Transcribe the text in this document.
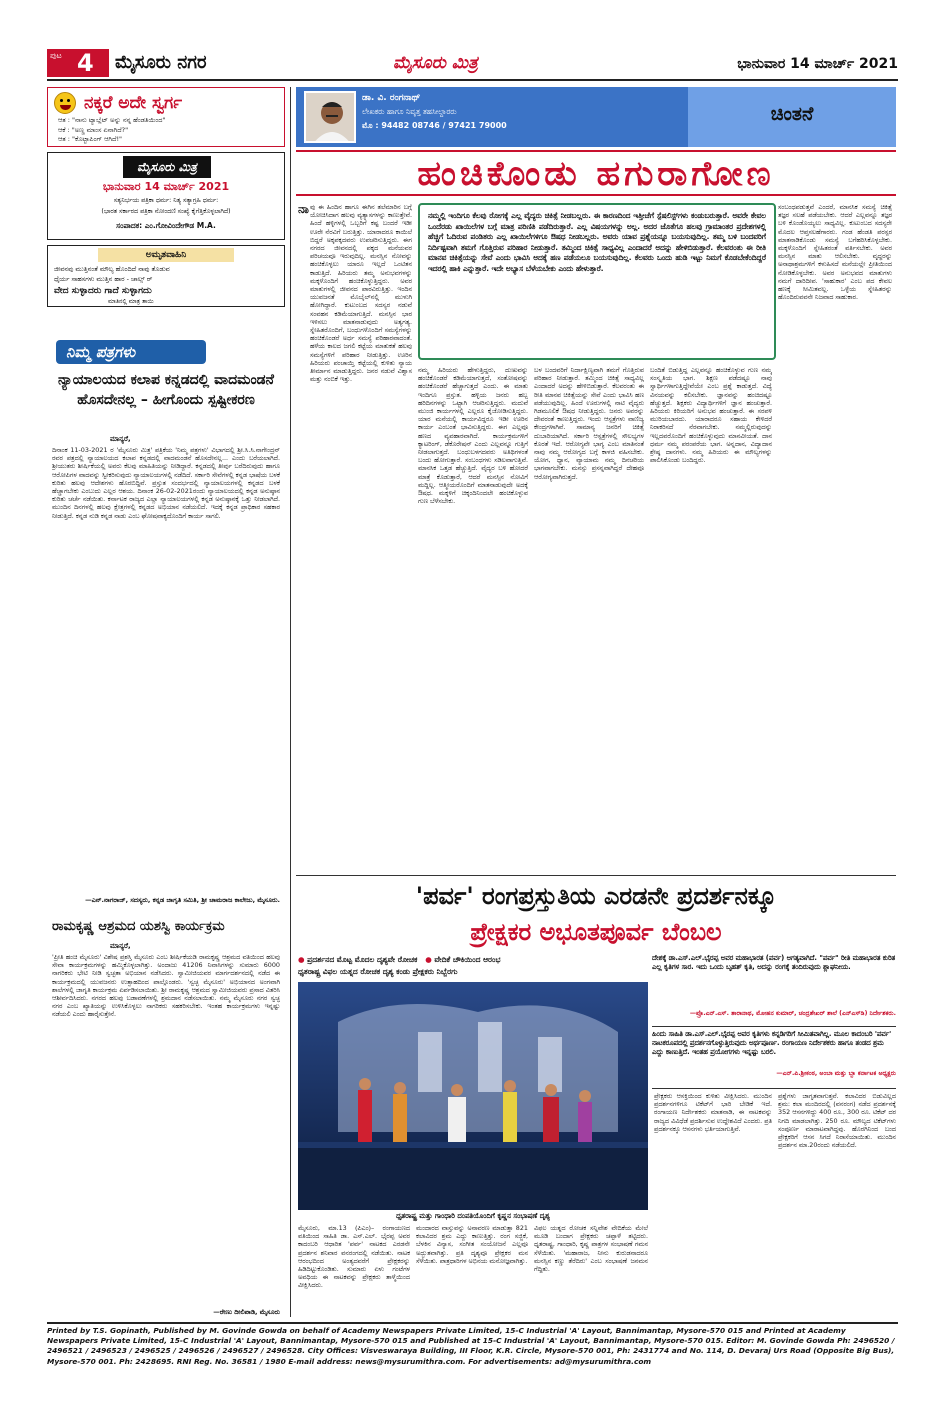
ಪುಟ 4 ಮೈಸೂರು ನಗರ	ಮೈಸೂರು ಮಿತ್ರ	ಭಾನುವಾರ 14 ಮಾರ್ಚ್ 2021
ನಕ್ಕರೆ ಅದೇ ಸ್ವರ್ಗ
ಆತ : "ನಾನು ಟ್ಯಾಬ್ಲೆಟ್ ಅನ್ನು ನನ್ನ ಹೆಂಡತಿಯಿಂದ"
ಆಕೆ : "ಅಣ್ಣ ಮಾಂಸ ಏನಾಗಿದೆ?"
ಆತ : "ಕೊಟ್ಟಾಪಿಂಗ್ ಆಗಿದೆ!"
ಮೈಸೂರು ಮಿತ್ರ
ಭಾನುವಾರ 14 ಮಾರ್ಚ್ 2021
ಸತ್ಯನಿರ್ಭಯ ಪತ್ರಿಕಾ ಧರ್ಮ: ನಿತ್ಯ ಸತ್ಯಾಗ್ರಹಿ ಧರ್ಮ:
(ಭಾರತ ಸರ್ಕಾರದ ಪತ್ರಿಕಾ ನೋಂದಣಿ ಸಂಖ್ಯೆ ಕೈಗೆತ್ತಿಕೊಳ್ಳಲಾಗಿದೆ)
ಸಂಪಾದಕ: ಎಂ.ಗೋವಿಂದೇಗೌಡ M.A.
ಅಮೃತವಾಹಿನಿ
ಜೀವನವು ಮುತ್ತಿನಂತೆ ಮೌಲ್ಯ ಹೊಂದಿದೆ ನಾವು ತೊಡುವ
ಧೈರ್ಯ ಸಾಹಸಗಳು ಮುತ್ತಿನ ಹಾರ - ಚಾಲ್ಸ್ ರ್
ವೇದ ಸುಳ್ಳಾದರು ಗಾದೆ ಸುಳ್ಳಾಗದು
ಮಾತಿನಲ್ಲಿ ಮಾತ್ರ ತಾಯಿ
ನಿಮ್ಮ ಪತ್ರಗಳು
ನ್ಯಾಯಾಲಯದ ಕಲಾಪ ಕನ್ನಡದಲ್ಲಿ ವಾದಮಂಡನೆ ಹೊಸದೇನಲ್ಲ – ಹೀಗೊಂದು ಸ್ಪಷ್ಟೀಕರಣ
ಮಾನ್ಯರೆ,
ದಿನಾಂಕ 11-03-2021 ರ 'ಮೈಸೂರು ಮಿತ್ರ' ಪತ್ರಿಕೆಯ 'ನಿಮ್ಮ ಪತ್ರಗಳು' ವಿಭಾಗದಲ್ಲಿ ಶ್ರೀ.ಸಿ.ಸಿ.ನಾಗೇಂದ್ರನ್ ರವರ ಪತ್ರದಲ್ಲಿ ನ್ಯಾಯಾಲಯದ ಕಲಾಪ ಕನ್ನಡದಲ್ಲಿ ವಾದಮಂಡನೆ ಹೊಸದೇನಲ್ಲ... ಎಂದು ಬರೆಯಲಾಗಿದೆ. ಶ್ರೀಯುತರು ಶೀರ್ಷಿಕೆಯಲ್ಲಿ ಅವರು ಕೆಲವು ಮಾಹಿತಿಯನ್ನು ನೀಡಿದ್ದಾರೆ. ಕನ್ನಡದಲ್ಲಿ ತೀರ್ಪು ಬರೆದಿರುವುದು ಹಾಗೂ ಆರೋಪಿಗಳ ವಾದವನ್ನು ಸ್ವೀಕರಿಸುವುದು ನ್ಯಾಯಾಲಯಗಳಲ್ಲಿ ನಡೆದಿದೆ. ಸರ್ಕಾರಿ ಸೇವೆಗಳಲ್ಲಿ ಕನ್ನಡ ಭಾಷೆಯ ಬಳಕೆ ಕುರಿತು ಹಲವು ಆದೇಶಗಳು ಹೊರಬಿದ್ದಿವೆ. ಪ್ರಸ್ತುತ ಸಂದರ್ಭದಲ್ಲಿ ನ್ಯಾಯಾಲಯಗಳಲ್ಲಿ ಕನ್ನಡದ ಬಳಕೆ ಹೆಚ್ಚಾಗಬೇಕು ಎಂಬುದು ಎಲ್ಲರ ಆಶಯ. ದಿನಾಂಕ 26-02-2021ರಂದು ನ್ಯಾಯಾಲಯದಲ್ಲಿ ಕನ್ನಡ ಅನುಷ್ಠಾನ ಕುರಿತು ಚರ್ಚೆ ನಡೆಯಿತು. ಕರ್ನಾಟಕ ರಾಜ್ಯದ ಎಲ್ಲಾ ನ್ಯಾಯಾಲಯಗಳಲ್ಲಿ ಕನ್ನಡ ಅನುಷ್ಠಾನಕ್ಕೆ ಒತ್ತು ನೀಡಲಾಗಿದೆ. ಮುಂದಿನ ದಿನಗಳಲ್ಲಿ ಹಲವು ಕ್ಷೇತ್ರಗಳಲ್ಲಿ ಕನ್ನಡದ ಅಭಿಯಾನ ನಡೆಯಲಿದೆ. ಇದಕ್ಕೆ ಕನ್ನಡ ಪ್ರಾಧಿಕಾರ ಸಹಕಾರ ನೀಡುತ್ತಿದೆ. ಕನ್ನಡ ನುಡಿ ಕನ್ನಡ ನಾಡು ಎಂಬ ಘೋಷವಾಕ್ಯದೊಂದಿಗೆ ಕಾರ್ಯ ಸಾಗಲಿ.
—ಎನ್.ನಾಗರಾಜ್, ಸದಸ್ಯರು, ಕನ್ನಡ ಜಾಗೃತಿ ಸಮಿತಿ, ಶ್ರೀ ಚಾಮರಾಜ ಕಾಲೇಜು, ಮೈಸೂರು.
ರಾಮಕೃಷ್ಣ ಆಶ್ರಮದ ಯಶಸ್ವಿ ಕಾರ್ಯಕ್ರಮ
ಮಾನ್ಯರೆ,
'ಪ್ರೀತಿ ಹಂಚಿ ಮೈಸೂರು' ವಿಶೇಷ ಪ್ರಶಸ್ತಿ ಮೈಸೂರು ಎಂಬ ಶೀರ್ಷಿಕೆಯಡಿ ರಾಮಕೃಷ್ಣ ಆಶ್ರಮದ ವತಿಯಿಂದ ಹಲವು ಸೇವಾ ಕಾರ್ಯಕ್ರಮಗಳನ್ನು ಹಮ್ಮಿಕೊಳ್ಳಲಾಗಿತ್ತು. ಅಂದಾಜು 41206 ನಿವಾಸಿಗಳನ್ನು ಸುಮಾರು 6000 ನಾಗರಿಕರು ಭೇಟಿ ನೀಡಿ ಸ್ವಚ್ಛತಾ ಅಭಿಯಾನ ನಡೆಸಿದರು. ಸ್ವಾಮೀಜಿಯವರ ಮಾರ್ಗದರ್ಶನದಲ್ಲಿ ನಡೆದ ಈ ಕಾರ್ಯಕ್ರಮದಲ್ಲಿ ಯುವಜನರು ಉತ್ಸಾಹದಿಂದ ಪಾಲ್ಗೊಂಡರು. 'ಸ್ವಚ್ಛ ಮೈಸೂರು' ಅಭಿಯಾನದ ಅಂಗವಾಗಿ ಶಾಲೆಗಳಲ್ಲಿ ಜಾಗೃತಿ ಕಾರ್ಯಕ್ರಮ ಏರ್ಪಡಿಸಲಾಯಿತು. ಶ್ರೀ ರಾಮಕೃಷ್ಣ ಆಶ್ರಮದ ಸ್ವಾಮೀಜಿಯವರು ಪ್ರಸಾದ ವಿತರಿಸಿ ಆಶೀರ್ವದಿಸಿದರು. ನಗರದ ಹಲವು ಬಡಾವಣೆಗಳಲ್ಲಿ ಶ್ರಮದಾನ ನಡೆಸಲಾಯಿತು. ನಮ್ಮ ಮೈಸೂರು ನಗರ ಸ್ವಚ್ಛ ನಗರ ಎಂಬ ಖ್ಯಾತಿಯನ್ನು ಉಳಿಸಿಕೊಳ್ಳಲು ನಾಗರಿಕರು ಸಹಕರಿಸಬೇಕು. ಇಂತಹ ಕಾರ್ಯಕ್ರಮಗಳು ಇನ್ನಷ್ಟು ನಡೆಯಲಿ ಎಂದು ಹಾರೈಸುತ್ತೇನೆ.
—ರೇಣು ದೀಲಿಪಾಡಿ, ಮೈಸೂರು
ಡಾ. ವಿ. ರಂಗನಾಥ್
ಲೇಖಕರು ಹಾಗೂ ನಿವೃತ್ತ ತಹಸೀಲ್ದಾರರು
ಮೊ : 94482 08746 / 97421 79000
ಚಿಂತನೆ
ಹಂಚಿಕೊಂಡು ಹಗುರಾಗೋಣ
ನಾ ವು ಈ ಹಿಂದಿನ ಹಾಗೂ ಈಗಿನ ತಲೆಮಾರಿನ ಬಗ್ಗೆ ಯೋಚಿಸಿದಾಗ ಹಲವು ವ್ಯತ್ಯಾಸಗಳನ್ನು ಕಾಣುತ್ತೇವೆ. ಹಿಂದೆ ಹಳ್ಳಿಗಳಲ್ಲಿ ಒಬ್ಬರಿಗೆ ಕಷ್ಟ ಬಂದರೆ ಇಡೀ ಊರೇ ನೆರವಿಗೆ ಬರುತ್ತಿತ್ತು. ಯಾರಾದರೂ ಕಾಯಿಲೆ ಬಿದ್ದರೆ ಅಕ್ಕಪಕ್ಕದವರು ಉಪಚರಿಸುತ್ತಿದ್ದರು. ಈಗ ನಗರದ ಜೀವನದಲ್ಲಿ ಪಕ್ಕದ ಮನೆಯವರ ಪರಿಚಯವೂ ಇರುವುದಿಲ್ಲ. ಮನಸ್ಸಿನ ನೋವನ್ನು ಹಂಚಿಕೊಳ್ಳಲು ಯಾರೂ ಇಲ್ಲದೆ ಒಂಟಿತನ ಕಾಡುತ್ತಿದೆ. ಹಿರಿಯರು ತಮ್ಮ ಅನುಭವಗಳನ್ನು ಮಕ್ಕಳೊಂದಿಗೆ ಹಂಚಿಕೊಳ್ಳುತ್ತಿದ್ದರು. ಅವರ ಮಾತುಗಳಲ್ಲಿ ಜೀವನದ ಪಾಠವಿರುತ್ತಿತ್ತು. ಇಂದಿನ ಯುವಜನತೆ ಮೊಬೈಲ್‌ನಲ್ಲಿ ಮುಳುಗಿ ಹೋಗಿದ್ದಾರೆ. ಕುಟುಂಬದ ಸದಸ್ಯರ ನಡುವೆ ಸಂವಹನ ಕಡಿಮೆಯಾಗುತ್ತಿದೆ. ಮನಸ್ಸಿನ ಭಾರ ಇಳಿಸಲು ಮಾತನಾಡುವುದು ಅತ್ಯಗತ್ಯ. ಸ್ನೇಹಿತರೊಂದಿಗೆ, ಬಂಧುಗಳೊಂದಿಗೆ ಸಮಸ್ಯೆಗಳನ್ನು ಹಂಚಿಕೊಂಡರೆ ಅರ್ಧ ಸಮಸ್ಯೆ ಪರಿಹಾರವಾದಂತೆ. ಹಳೆಯ ಕಾಲದ ಜಗಲಿ ಕಟ್ಟೆಯ ಮಾತುಕತೆ ಹಲವು ಸಮಸ್ಯೆಗಳಿಗೆ ಪರಿಹಾರ ನೀಡುತ್ತಿತ್ತು. ಊರಿನ ಹಿರಿಯರು ಪಂಚಾಯ್ತಿ ಕಟ್ಟೆಯಲ್ಲಿ ಕುಳಿತು ನ್ಯಾಯ ತೀರ್ಮಾನ ಮಾಡುತ್ತಿದ್ದರು. ಜನರ ನಡುವೆ ವಿಶ್ವಾಸ ಮತ್ತು ನಂಬಿಕೆ ಇತ್ತು.
ನಮ್ಮಲ್ಲಿ ಇಂದಿಗೂ ಕೆಲವು ರೋಗಕ್ಕೆ ಎಲ್ಲ ವೈದ್ಯರು ಚಿಕಿತ್ಸೆ ನೀಡಬಲ್ಲರು. ಈ ಕಾರಣದಿಂದ ಇತ್ತೀಚೆಗೆ ಸ್ಪೆಷಲಿಸ್ಟ್‌ಗಳು ಕಂಡುಬರುತ್ತಾರೆ. ಅವರೇ ಕೇವಲ ಒಂದೆರಡು ಖಾಯಿಲೆಗಳ ಬಗ್ಗೆ ಮಾತ್ರ ಪರಿಣಿತಿ ಪಡೆದಿರುತ್ತಾರೆ. ಎಲ್ಲ ವಿಷಯಗಳನ್ನು ಅಲ್ಲ. ಅದರ ಜೊತೆಗೂ ಹಲವು ಗ್ರಾಮಾಂತರ ಪ್ರದೇಶಗಳಲ್ಲಿ ಹೆಚ್ಚಿಗೆ ಓದಿರುವ ಪಂಡಿತರು ಎಲ್ಲ ಖಾಯಿಲೆಗಳಿಗೂ ಔಷಧ ನೀಡಬಲ್ಲರು. ಅವರು ಯಾವ ಪ್ರಶ್ನೆಯನ್ನೂ ಬಯಸುವುದಿಲ್ಲ. ತಮ್ಮ ಬಳಿ ಬಂದವರಿಗೆ ನಿರ್ದಿಷ್ಟವಾಗಿ ತಮಗೆ ಗೊತ್ತಿರುವ ಪರಿಹಾರ ನೀಡುತ್ತಾರೆ. ತಮ್ಮಿಂದ ಚಿಕಿತ್ಸೆ ಸಾಧ್ಯವಿಲ್ಲ ಎಂದಾದರೆ ಅದನ್ನು ಹೇಳಿಬಿಡುತ್ತಾರೆ. ಕೆಲವರಂತು ಈ ರೀತಿ ಮಾನವ ಚಿಕಿತ್ಸೆಯನ್ನು ಸೇವೆ ಎಂದು ಭಾವಿಸಿ ಅದಕ್ಕೆ ಹಣ ಪಡೆಯಲೂ ಬಯಸುವುದಿಲ್ಲ. ಕೆಲವರು ಒಂದು ಹುಡಿ ಇಟ್ಟು ನಿಮಗೆ ಕೊಡಬೇಕೆಂದಿದ್ದರೆ ಇದರಲ್ಲಿ ಹಾಕಿ ಎನ್ನುತ್ತಾರೆ. ಇದೇ ಅಭ್ಯಾಸ ಬೆಳೆಯಬೇಕು ಎಂದು ಹೇಳುತ್ತಾರೆ.
ನಮ್ಮ ಹಿರಿಯರು ಹೇಳುತ್ತಿದ್ದರು, ದುಃಖವನ್ನು ಹಂಚಿಕೊಂಡರೆ ಕಡಿಮೆಯಾಗುತ್ತದೆ, ಸಂತೋಷವನ್ನು ಹಂಚಿಕೊಂಡರೆ ಹೆಚ್ಚಾಗುತ್ತದೆ ಎಂದು. ಈ ಮಾತು ಇಂದಿಗೂ ಪ್ರಸ್ತುತ. ಹಳ್ಳಿಯ ಜನರು ಹಬ್ಬ ಹರಿದಿನಗಳನ್ನು ಒಟ್ಟಾಗಿ ಆಚರಿಸುತ್ತಿದ್ದರು. ಮದುವೆ ಮುಂಜಿ ಕಾರ್ಯಗಳಲ್ಲಿ ಎಲ್ಲರೂ ಕೈಜೋಡಿಸುತ್ತಿದ್ದರು. ಯಾರ ಮನೆಯಲ್ಲಿ ಕಾರ್ಯವಿದ್ದರೂ ಇಡೀ ಊರಿನ ಕಾರ್ಯ ಎಂಬಂತೆ ಭಾವಿಸುತ್ತಿದ್ದರು. ಈಗ ಎಲ್ಲವೂ ಹಣದ ವ್ಯವಹಾರವಾಗಿದೆ. ಕಾರ್ಯಕ್ರಮಗಳಿಗೆ ಕ್ಯಾಟರಿಂಗ್, ಡೆಕೊರೇಷನ್ ಎಂದು ಎಲ್ಲವನ್ನೂ ಗುತ್ತಿಗೆ ನೀಡಲಾಗುತ್ತದೆ. ಬಂಧುಬಳಗದವರು ಅತಿಥಿಗಳಂತೆ ಬಂದು ಹೋಗುತ್ತಾರೆ. ಸಂಬಂಧಗಳು ಸಡಿಲವಾಗುತ್ತಿವೆ. ಮಾನಸಿಕ ಒತ್ತಡ ಹೆಚ್ಚುತ್ತಿದೆ. ವೈದ್ಯರ ಬಳಿ ಹೋದರೆ ಮಾತ್ರೆ ಕೊಡುತ್ತಾರೆ, ಆದರೆ ಮನಸ್ಸಿನ ನೋವಿಗೆ ಮದ್ದಿಲ್ಲ. ಆತ್ಮೀಯರೊಂದಿಗೆ ಮಾತನಾಡುವುದೇ ಅದಕ್ಕೆ ಔಷಧ. ಮಕ್ಕಳಿಗೆ ಚಿಕ್ಕಂದಿನಿಂದಲೇ ಹಂಚಿಕೊಳ್ಳುವ ಗುಣ ಬೆಳೆಸಬೇಕು.
ಬಳ ಬಂದವರಿಗೆ ನಿರ್ದಾಕ್ಷಿಣ್ಯವಾಗಿ ತಮಗೆ ಗೊತ್ತಿರುವ ಪರಿಹಾರ ನೀಡುತ್ತಾರೆ. ತಮ್ಮಿಂದ ಚಿಕಿತ್ಸೆ ಸಾಧ್ಯವಿಲ್ಲ ಎಂದಾದರೆ ಅದನ್ನು ಹೇಳಿಬಿಡುತ್ತಾರೆ. ಕೆಲವರಂತು ಈ ರೀತಿ ಮಾನವ ಚಿಕಿತ್ಸೆಯನ್ನು ಸೇವೆ ಎಂದು ಭಾವಿಸಿ ಹಣ ಪಡೆಯುವುದಿಲ್ಲ. ಹಿಂದೆ ಊರುಗಳಲ್ಲಿ ನಾಟಿ ವೈದ್ಯರು ಗಿಡಮೂಲಿಕೆ ಔಷಧ ನೀಡುತ್ತಿದ್ದರು. ಜನರು ಅವರನ್ನು ದೇವರಂತೆ ಕಾಣುತ್ತಿದ್ದರು. ಇಂದು ಆಸ್ಪತ್ರೆಗಳು ವಾಣಿಜ್ಯ ಕೇಂದ್ರಗಳಾಗಿವೆ. ಸಾಮಾನ್ಯ ಜನರಿಗೆ ಚಿಕಿತ್ಸೆ ದುಬಾರಿಯಾಗಿದೆ. ಸರ್ಕಾರಿ ಆಸ್ಪತ್ರೆಗಳಲ್ಲಿ ಸೌಲಭ್ಯಗಳ ಕೊರತೆ ಇದೆ. ಆರೋಗ್ಯವೇ ಭಾಗ್ಯ ಎಂಬ ಮಾತಿನಂತೆ ನಾವು ನಮ್ಮ ಆರೋಗ್ಯದ ಬಗ್ಗೆ ಕಾಳಜಿ ವಹಿಸಬೇಕು. ಯೋಗ, ಧ್ಯಾನ, ವ್ಯಾಯಾಮ ನಮ್ಮ ದಿನಚರಿಯ ಭಾಗವಾಗಬೇಕು. ಮನಸ್ಸು ಪ್ರಸನ್ನವಾಗಿದ್ದರೆ ದೇಹವೂ ಆರೋಗ್ಯವಾಗಿರುತ್ತದೆ.
ಬಂದಿತೆ ಬಿಡುತ್ತಿದ್ದ ಎಲ್ಲವನ್ನೂ ಹಂಚಿಕೊಳ್ಳುವ ಗುಣ ನಮ್ಮ ಸಂಸ್ಕೃತಿಯ ಭಾಗ. ಶಿಕ್ಷಣ ಪಡೆದಷ್ಟೂ ನಾವು ಸ್ವಾರ್ಥಿಗಳಾಗುತ್ತಿದ್ದೇವೆಯೇ ಎಂಬ ಪ್ರಶ್ನೆ ಕಾಡುತ್ತದೆ. ವಿದ್ಯೆ ವಿನಯವನ್ನು ಕಲಿಸಬೇಕು. ಜ್ಞಾನವನ್ನು ಹಂಚಿದಷ್ಟೂ ಹೆಚ್ಚುತ್ತದೆ. ಶಿಕ್ಷಕರು ವಿದ್ಯಾರ್ಥಿಗಳಿಗೆ ಜ್ಞಾನ ಹಂಚುತ್ತಾರೆ. ಹಿರಿಯರು ಕಿರಿಯರಿಗೆ ಅನುಭವ ಹಂಚುತ್ತಾರೆ. ಈ ಸರಪಳಿ ಮುರಿಯಬಾರದು. ಯಾರಾದರೂ ಸಹಾಯ ಕೇಳಿದರೆ ನಿರಾಕರಿಸದೆ ನೆರವಾಗಬೇಕು. ನಮ್ಮಲ್ಲಿರುವುದನ್ನು ಇಲ್ಲದವರೊಂದಿಗೆ ಹಂಚಿಕೊಳ್ಳುವುದು ಮಾನವೀಯತೆ. ದಾನ ಧರ್ಮ ನಮ್ಮ ಪರಂಪರೆಯ ಭಾಗ. ಅನ್ನದಾನ, ವಿದ್ಯಾದಾನ ಶ್ರೇಷ್ಠ ದಾನಗಳು. ನಮ್ಮ ಹಿರಿಯರು ಈ ಮೌಲ್ಯಗಳನ್ನು ಪಾಲಿಸಿಕೊಂಡು ಬಂದಿದ್ದರು.
ಸಂಬಂಧಪಡುತ್ತವೆ ಎಂದರೆ, ಮಾನಸಿಕ ಸಮಸ್ಯೆ ಚಿಕಿತ್ಸೆ ತಜ್ಞರ ಸಲಹೆ ಪಡೆಯಬೇಕು. ಆದರೆ ಎಲ್ಲವನ್ನೂ ತಜ್ಞರ ಬಳಿ ಕೊಂಡೊಯ್ಯಲು ಸಾಧ್ಯವಿಲ್ಲ. ಕುಟುಂಬದ ಸದಸ್ಯರೇ ಮೊದಲ ಆಪ್ತಸಲಹೆಗಾರರು. ಗಂಡ ಹೆಂಡತಿ ಪರಸ್ಪರ ಮಾತನಾಡಿಕೊಂಡು ಸಮಸ್ಯೆ ಬಗೆಹರಿಸಿಕೊಳ್ಳಬೇಕು. ಮಕ್ಕಳೊಂದಿಗೆ ಸ್ನೇಹಿತರಂತೆ ವರ್ತಿಸಬೇಕು. ಅವರ ಮನಸ್ಸಿನ ಮಾತು ಆಲಿಸಬೇಕು. ವೃದ್ಧರನ್ನು ಅನಾಥಾಶ್ರಮಗಳಿಗೆ ಕಳುಹಿಸದೆ ಮನೆಯಲ್ಲೇ ಪ್ರೀತಿಯಿಂದ ನೋಡಿಕೊಳ್ಳಬೇಕು. ಅವರ ಅನುಭವದ ಮಾತುಗಳು ನಮಗೆ ದಾರಿದೀಪ. 'ಸಾಹುಕಾರ' ಎಂಬ ಪದ ಕೇವಲ ಹಣಕ್ಕೆ ಸೀಮಿತವಲ್ಲ. ಒಳ್ಳೆಯ ಸ್ನೇಹಿತರನ್ನು ಹೊಂದಿರುವವನೇ ನಿಜವಾದ ಸಾಹುಕಾರ.
'ಪರ್ವ' ರಂಗಪ್ರಸ್ತುತಿಯ ಎರಡನೇ ಪ್ರದರ್ಶನಕ್ಕೂ
ಪ್ರೇಕ್ಷಕರ ಅಭೂತಪೂರ್ವ ಬೆಂಬಲ
● ಪ್ರದರ್ಶನದ ಮೊಟ್ಟ ಮೊದಲ ದೃಶ್ಯವೇ ರೋಚಕ ● ವೇದಿಕೆ ಚೌಕಿಯಿಂದ ಆರಂಭ
ಧೃತರಾಷ್ಟ್ರ ವಿಫಲ ಯತ್ನದ ರೋಚಕ ದೃಶ್ಯ ಕಂಡು ಪ್ರೇಕ್ಷಕರು ನಿಬ್ಬೆರಗು
ಧೃತರಾಷ್ಟ್ರ ಮತ್ತು ಗಾಂಧಾರಿ ದಂಪತಿಯೊಂದಿಗೆ ಕೃಷ್ಣನ ಸಂಭಾಷಣೆ ದೃಶ್ಯ
ದೇಶಕ್ಕೆ ಡಾ.ಎಸ್.ಎಲ್.ಭೈರಪ್ಪ ಅವರ ಮಹಾಭಾರತ (ಪರ್ವ) ಅಗತ್ಯವಾಗಿದೆ. "ಪರ್ವ" ರೀತಿ ಮಹಾಭಾರತ ಕುರಿತ ಎಲ್ಲ ಕೃತಿಗಳ ಸಾರ. ಇದು ಒಂದು ಬೃಹತ್ ಕೃತಿ, ಅದನ್ನು ರಂಗಕ್ಕೆ ತಂದಿರುವುದು ಶ್ಲಾಘನೀಯ.
—ಪ್ರೊ.ಎನ್.ಎಸ್. ತಾರಾನಾಥ, ಮೋಹನ ಕುಮಾರ್, ಚಂದ್ರಶೇಖರ್ ಶಾಲೆ (ಎನ್‌ಎಸ್‌ಡಿ) ನಿರ್ದೇಶಕರು.
ಹಿಂದು ಸಾಹಿತಿ ಡಾ.ಎಸ್.ಎಲ್.ಭೈರಪ್ಪ ಅವರ ಕೃತಿಗಳು ಕನ್ನಡಿಗರಿಗೆ ಸೀಮಿತವಾಗಿಲ್ಲ. ಮೂಲ ಕಾದಂಬರಿ 'ಪರ್ವ' ನಾಟಕರೂಪದಲ್ಲಿ ಪ್ರದರ್ಶನಗೊಳ್ಳುತ್ತಿರುವುದು ಅರ್ಥಪೂರ್ಣ. ರಂಗಾಯಣ ನಿರ್ದೇಶಕರು ಹಾಗೂ ತಂಡದ ಶ್ರಮ ಎದ್ದು ಕಾಣುತ್ತಿದೆ. ಇಂತಹ ಪ್ರಯೋಗಗಳು ಇನ್ನಷ್ಟು ಬರಲಿ.
—ಎನ್.ಪಿ.ಶ್ರೀಕಂಠ, ಅಂಬಾ ಮತ್ತು ಬ್ಬಾ ಕರ್ನಾಟಕ ಅಧ್ಯಕ್ಷರು
ಪ್ರೇಕ್ಷಕರು ಆಸಕ್ತಿಯಿಂದ ಕುಳಿತು ವೀಕ್ಷಿಸಿದರು. ಮುಂದಿನ ಪ್ರದರ್ಶನಗಳಿಗೂ ಟಿಕೆಟ್‌ಗೆ ಭಾರಿ ಬೇಡಿಕೆ ಇದೆ. ರಂಗಾಯಣ ನಿರ್ದೇಶಕರು ಮಾತನಾಡಿ, ಈ ನಾಟಕವನ್ನು ರಾಜ್ಯದ ವಿವಿಧೆಡೆ ಪ್ರದರ್ಶಿಸುವ ಉದ್ದೇಶವಿದೆ ಎಂದರು. ಪ್ರತಿ ಪ್ರದರ್ಶನಕ್ಕೂ ಆಸನಗಳು ಭರ್ತಿಯಾಗುತ್ತಿವೆ.
ಪ್ರಶ್ನೆಗಳು ಜಾಗೃತವಾಗುತ್ತವೆ. ಕಲಾವಿದರ ಬಿಡುವಿಲ್ಲದ ಶ್ರಮ: ಕಲಾ ಮಂದಿರದಲ್ಲಿ (ವನರಂಗ) ನಡೆದ ಪ್ರದರ್ಶನಕ್ಕೆ 352 ಆಸನಗಳಿದ್ದು 400 ರೂ., 300 ರೂ. ಟಿಕೆಟ್ ದರ ನಿಗದಿ ಮಾಡಲಾಗಿತ್ತು. 250 ರೂ. ಮೌಲ್ಯದ ಟಿಕೆಟ್‌ಗಳು ಸಂಪೂರ್ಣ ಮಾರಾಟವಾಗಿದ್ದವು. ಹೊರಗಿನಿಂದ ಬಂದ ಪ್ರೇಕ್ಷಕರಿಗೆ ಆಸನ ಸಿಗದೆ ನಿರಾಸೆಯಾಯಿತು. ಮುಂದಿನ ಪ್ರದರ್ಶನ ಮಾ.20ರಂದು ನಡೆಯಲಿದೆ.
ಮೈಸೂರು, ಮಾ.13 (ಪಿಎಂ)– ರಂಗಾಯಣದ ವತಿಯಿಂದ ಸಾಹಿತಿ ಡಾ. ಎಸ್.ಎಲ್. ಭೈರಪ್ಪ ಅವರ ಕಾದಂಬರಿ ಆಧಾರಿತ 'ಪರ್ವ' ನಾಟಕದ ಎರಡನೇ ಪ್ರದರ್ಶನ ಶನಿವಾರ ವನರಂಗದಲ್ಲಿ ನಡೆಯಿತು. ನಾಟಕ ಆರಂಭದಿಂದ ಅಂತ್ಯದವರೆಗೆ ಪ್ರೇಕ್ಷಕರನ್ನು ಹಿಡಿದಿಟ್ಟುಕೊಂಡಿತು. ಸುಮಾರು ಏಳು ಗಂಟೆಗಳ ಅವಧಿಯ ಈ ನಾಟಕವನ್ನು ಪ್ರೇಕ್ಷಕರು ತಾಳ್ಮೆಯಿಂದ ವೀಕ್ಷಿಸಿದರು.
ಮಂದಾರದ ವಾಸ್ತುವನ್ನು ಅನಾವರಣ ಮಾಡುತ್ತಾ 821 ಕಲಾವಿದರ ಶ್ರಮ ಎದ್ದು ಕಾಣುತ್ತಿತ್ತು. ರಂಗ ಸಜ್ಜಿಕೆ, ಬೆಳಕಿನ ವಿನ್ಯಾಸ, ಸಂಗೀತ ಸಂಯೋಜನೆ ಎಲ್ಲವೂ ಅದ್ಭುತವಾಗಿತ್ತು. ಪ್ರತಿ ದೃಶ್ಯವೂ ಪ್ರೇಕ್ಷಕರ ಮನ ಸೆಳೆಯಿತು. ಪಾತ್ರಧಾರಿಗಳ ಅಭಿನಯ ಮನೋಜ್ಞವಾಗಿತ್ತು.
ವಿಫಲ ಯತ್ನದ ರೋಚಕ ಸನ್ನಿವೇಶ ವೇದಿಕೆಯ ಮೇಲೆ ಮೂಡಿ ಬಂದಾಗ ಪ್ರೇಕ್ಷಕರು ಚಪ್ಪಾಳೆ ತಟ್ಟಿದರು. ಧೃತರಾಷ್ಟ್ರ, ಗಾಂಧಾರಿ, ಕೃಷ್ಣ ಪಾತ್ರಗಳ ಸಂಭಾಷಣೆ ಗಮನ ಸೆಳೆಯಿತು. 'ಮಹಾರಾಜ, ನೀನು ಕುರುಡನಾದರೂ ಮನಸ್ಸಿನ ಕಣ್ಣು ತೆರೆದಿರು' ಎಂಬ ಸಂಭಾಷಣೆ ಜನಮನ ಗೆದ್ದಿತು.
Printed by T.S. Gopinath, Published by M. Govinde Gowda on behalf of Academy Newspapers Private Limited, 15-C Industrial 'A' Layout, Bannimantap, Mysore-570 015 and Printed at Academy Newspapers Private Limited, 15-C Industrial 'A' Layout, Bannimantap, Mysore-570 015 and Published at 15-C Industrial 'A' Layout, Bannimantap, Mysore-570 015. Editor: M. Govinde Gowda Ph: 2496520 / 2496521 / 2496523 / 2496525 / 2496526 / 2496527 / 2496528. City Offices: Visveswaraya Building, III Floor, K.R. Circle, Mysore-570 001, Ph: 2431774 and No. 114, D. Devaraj Urs Road (Opposite Big Bus), Mysore-570 001. Ph: 2428695. RNI Reg. No. 36581 / 1980 E-mail address: news@mysurumithra.com. For advertisements: ad@mysurumithra.com
